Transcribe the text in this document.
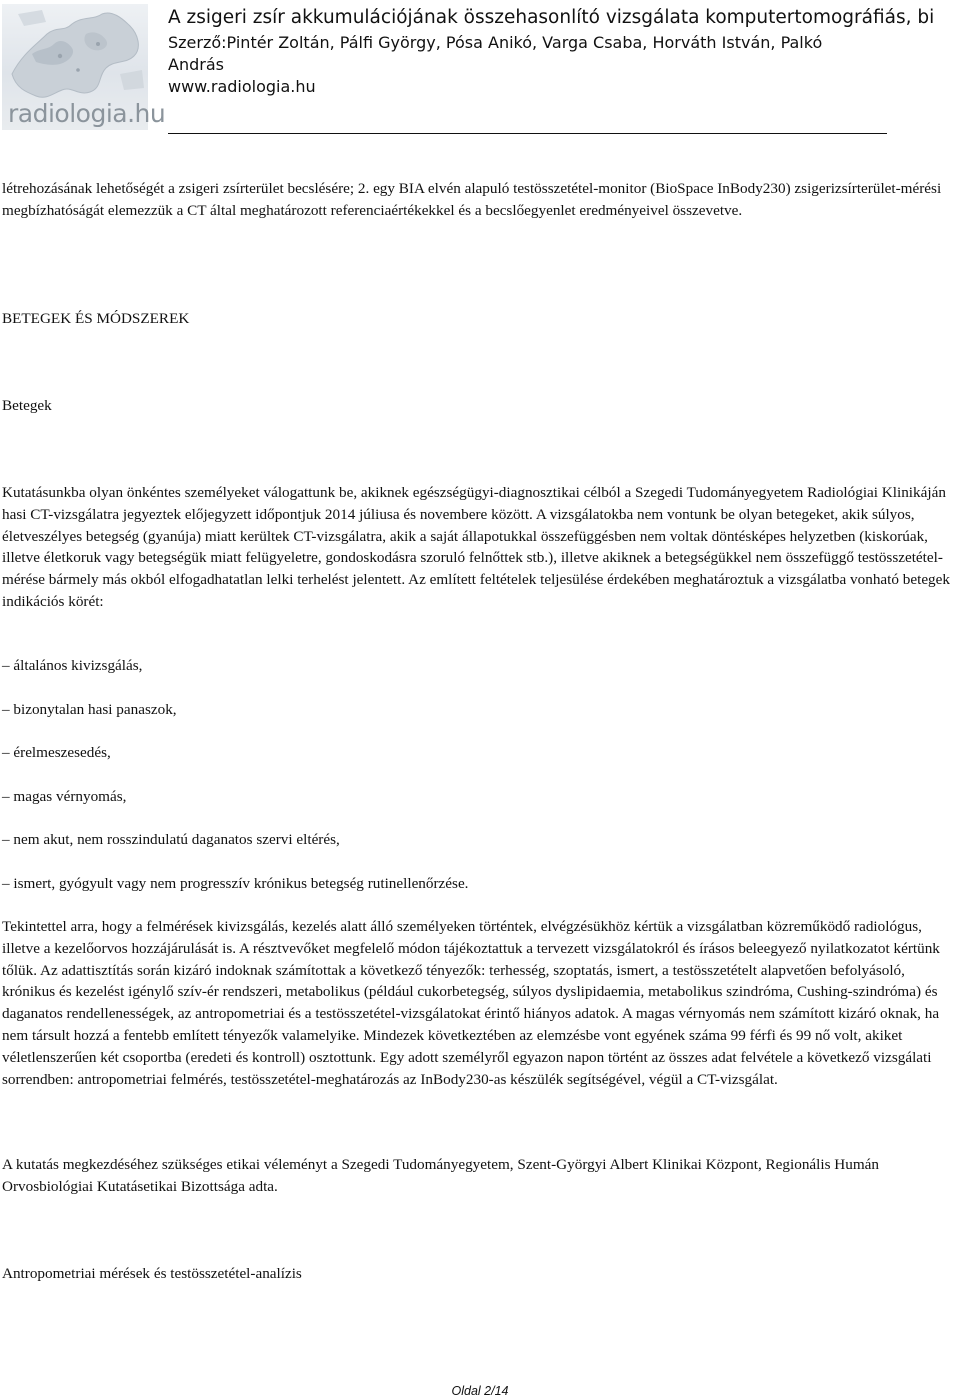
radiologia.hu
A zsigeri zsír akkumulációjának összehasonlító vizsgálata komputertomográfiás, bi
Szerző:Pintér Zoltán, Pálfi György, Pósa Anikó, Varga Csaba, Horváth István, Palkó András
www.radiologia.hu

létrehozásának lehetőségét a zsigeri zsírterület becslésére; 2. egy BIA elvén alapuló testösszetétel-monitor (BioSpace InBody230) zsigerizsírterület-mérési megbízhatóságát elemezzük a CT által meghatározott referenciaértékekkel és a becslőegyenlet eredményeivel összevetve.

BETEGEK ÉS MÓDSZEREK
Betegek

Kutatásunkba olyan önkéntes személyeket válogattunk be, akiknek egészségügyi-diagnosztikai célból a Szegedi Tudományegyetem Radiológiai Klinikáján hasi CT-vizsgálatra jegyeztek előjegyzett időpontjuk 2014 júliusa és novembere között. A vizsgálatokba nem vontunk be olyan betegeket, akik súlyos, életveszélyes betegség (gyanúja) miatt kerültek CT-vizsgálatra, akik a saját állapotukkal összefüggésben nem voltak döntésképes helyzetben (kiskorúak, illetve életkoruk vagy betegségük miatt felügyeletre, gondoskodásra szoruló felnőttek stb.), illetve akiknek a betegségükkel nem összefüggő testösszetétel-mérése bármely más okból elfogadhatatlan lelki terhelést jelentett. Az említett feltételek teljesülése érdekében meghatároztuk a vizsgálatba vonható betegek indikációs körét:

– általános kivizsgálás,
– bizonytalan hasi panaszok,
– érelmeszesedés,
– magas vérnyomás,
– nem akut, nem rosszindulatú daganatos szervi eltérés,
– ismert, gyógyult vagy nem progresszív krónikus betegség rutinellenőrzése.

Tekintettel arra, hogy a felmérések kivizsgálás, kezelés alatt álló személyeken történtek, elvégzésükhöz kértük a vizsgálatban közreműködő radiológus, illetve a kezelőorvos hozzájárulását is. A résztvevőket megfelelő módon tájékoztattuk a tervezett vizsgálatokról és írásos beleegyező nyilatkozatot kértünk tőlük. Az adattisztítás során kizáró indoknak számítottak a következő tényezők: terhesség, szoptatás, ismert, a testösszetételt alapvetően befolyásoló, krónikus és kezelést igénylő szív-ér rendszeri, metabolikus (például cukorbetegség, súlyos dyslipidaemia, metabolikus szindróma, Cushing-szindróma) és daganatos rendellenességek, az antropometriai és a testösszetétel-vizsgálatokat érintő hiányos adatok. A magas vérnyomás nem számított kizáró oknak, ha nem társult hozzá a fentebb említett tényezők valamelyike. Mindezek következtében az elemzésbe vont egyének száma 99 férfi és 99 nő volt, akiket véletlenszerűen két csoportba (eredeti és kontroll) osztottunk. Egy adott személyről egyazon napon történt az összes adat felvétele a következő vizsgálati sorrendben: antropometriai felmérés, testösszetétel-meghatározás az InBody230-as készülék segítségével, végül a CT-vizsgálat.

A kutatás megkezdéséhez szükséges etikai véleményt a Szegedi Tudományegyetem, Szent-Györgyi Albert Klinikai Központ, Regionális Humán Orvosbiológiai Kutatásetikai Bizottsága adta.

Antropometriai mérések és testösszetétel-analízis
Oldal 2/14
